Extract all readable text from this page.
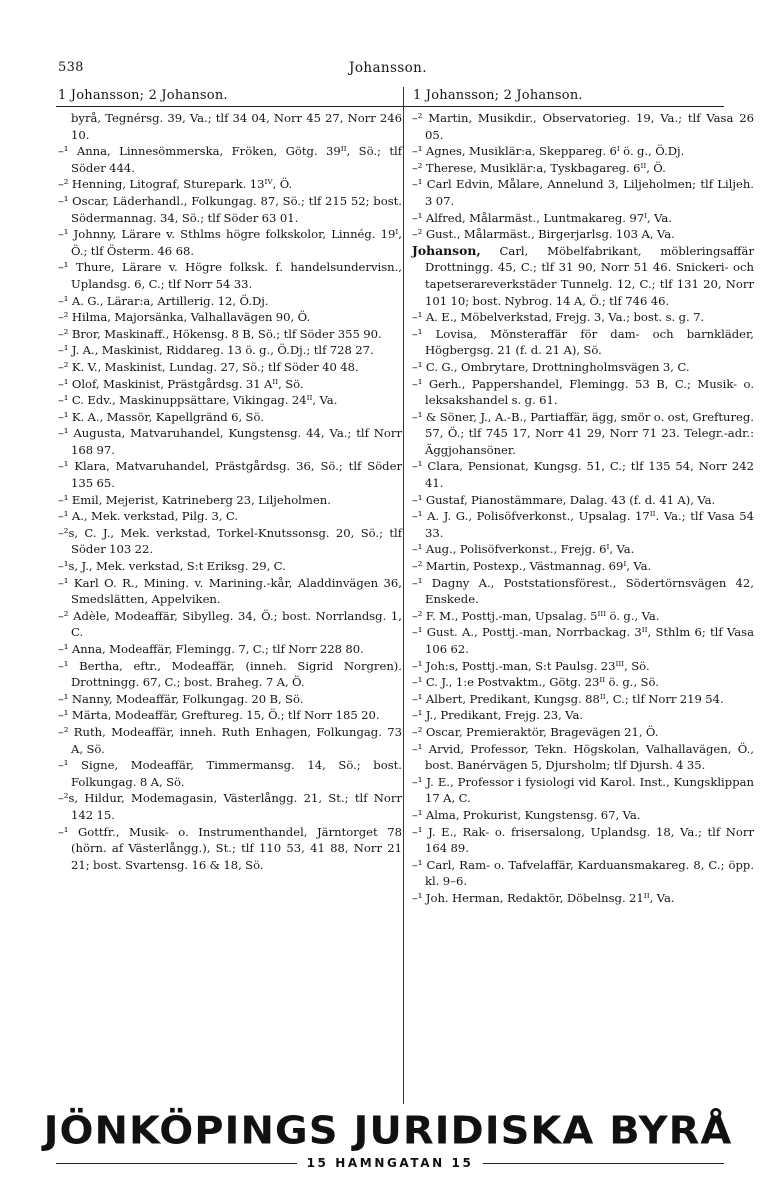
538	Johansson.
1 Johansson; 2 Johanson.	1 Johansson; 2 Johanson.

byrå, Tegnérsg. 39, Va.; tlf 34 04, Norr 45 27, Norr 246 10.

–¹ Anna, Linnesömmerska, Fröken, Götg. 39ᴵᴵ, Sö.; tlf Söder 444.

–² Henning, Litograf, Sturepark. 13ᴵⱽ, Ö.

–¹ Oscar, Läderhandl., Folkungag. 87, Sö.; tlf 215 52; bost. Södermannag. 34, Sö.; tlf Söder 63 01.

–¹ Johnny, Lärare v. Sthlms högre folkskolor, Linnég. 19ᴵ, Ö.; tlf Österm. 46 68.

–¹ Thure, Lärare v. Högre folksk. f. handelsundervisn., Uplandsg. 6, C.; tlf Norr 54 33.

–¹ A. G., Lärar:a, Artillerig. 12, Ö.Dj.

–² Hilma, Majorsänka, Valhallavägen 90, Ö.

–² Bror, Maskinaff., Hökensg. 8 B, Sö.; tlf Söder 355 90.

–¹ J. A., Maskinist, Riddareg. 13 ö. g., Ö.Dj.; tlf 728 27.

–² K. V., Maskinist, Lundag. 27, Sö.; tlf Söder 40 48.

–¹ Olof, Maskinist, Prästgårdsg. 31 Aᴵᴵ, Sö.

–¹ C. Edv., Maskinuppsättare, Vikingag. 24ᴵᴵ, Va.

–¹ K. A., Massör, Kapellgränd 6, Sö.

–¹ Augusta, Matvaruhandel, Kungstensg. 44, Va.; tlf Norr 168 97.

–¹ Klara, Matvaruhandel, Prästgårdsg. 36, Sö.; tlf Söder 135 65.

–¹ Emil, Mejerist, Katrineberg 23, Liljeholmen.

–¹ A., Mek. verkstad, Pilg. 3, C.

–²s, C. J., Mek. verkstad, Torkel-Knutssonsg. 20, Sö.; tlf Söder 103 22.

–¹s, J., Mek. verkstad, S:t Eriksg. 29, C.

–¹ Karl O. R., Mining. v. Marining.-kår, Aladdinvägen 36, Smedslätten, Appelviken.

–² Adèle, Modeaffär, Sibylleg. 34, Ö.; bost. Norrlandsg. 1, C.

–¹ Anna, Modeaffär, Flemingg. 7, C.; tlf Norr 228 80.

–¹ Bertha, eftr., Modeaffär, (inneh. Sigrid Norgren). Drottningg. 67, C.; bost. Braheg. 7 A, Ö.

–¹ Nanny, Modeaffär, Folkungag. 20 B, Sö.

–¹ Märta, Modeaffär, Greftureg. 15, Ö.; tlf Norr 185 20.

–² Ruth, Modeaffär, inneh. Ruth Enhagen, Folkungag. 73 A, Sö.

–¹ Signe, Modeaffär, Timmermansg. 14, Sö.; bost. Folkungag. 8 A, Sö.

–²s, Hildur, Modemagasin, Västerlångg. 21, St.; tlf Norr 142 15.

–¹ Gottfr., Musik- o. Instrumenthandel, Järntorget 78 (hörn. af Västerlångg.), St.; tlf 110 53, 41 88, Norr 21 21; bost. Svartensg. 16 & 18, Sö.

–² Martin, Musikdir., Observatorieg. 19, Va.; tlf Vasa 26 05.

–¹ Agnes, Musiklär:a, Skeppareg. 6ᴵ ö. g., Ö.Dj.

–² Therese, Musiklär:a, Tyskbagareg. 6ᴵᴵ, Ö.

–¹ Carl Edvin, Målare, Annelund 3, Liljeholmen; tlf Liljeh. 3 07.

–¹ Alfred, Målarmäst., Luntmakareg. 97ᴵ, Va.

–² Gust., Målarmäst., Birgerjarlsg. 103 A, Va.

Johanson, Carl, Möbelfabrikant, möbleringsaffär Drottningg. 45, C.; tlf 31 90, Norr 51 46. Snickeri- och tapetserareverkstäder Tunnelg. 12, C.; tlf 131 20, Norr 101 10; bost. Nybrog. 14 A, Ö.; tlf 746 46.

–¹ A. E., Möbelverkstad, Frejg. 3, Va.; bost. s. g. 7.

–¹ Lovisa, Mönsteraffär för dam- och barnkläder, Högbergsg. 21 (f. d. 21 A), Sö.

–¹ C. G., Ombrytare, Drottningholmsvägen 3, C.

–¹ Gerh., Pappershandel, Flemingg. 53 B, C.; Musik- o. leksakshandel s. g. 61.

–¹ & Söner, J., A.-B., Partiaffär, ägg, smör o. ost, Greftureg. 57, Ö.; tlf 745 17, Norr 41 29, Norr 71 23. Telegr.-adr.: Äggjohansöner.

–¹ Clara, Pensionat, Kungsg. 51, C.; tlf 135 54, Norr 242 41.

–¹ Gustaf, Pianostämmare, Dalag. 43 (f. d. 41 A), Va.

–¹ A. J. G., Polisöfverkonst., Upsalag. 17ᴵᴵ. Va.; tlf Vasa 54 33.

–¹ Aug., Polisöfverkonst., Frejg. 6ᴵ, Va.

–² Martin, Postexp., Västmannag. 69ᴵ, Va.

–¹ Dagny A., Poststationsförest., Södertörnsvägen 42, Enskede.

–² F. M., Posttj.-man, Upsalag. 5ᴵᴵᴵ ö. g., Va.

–¹ Gust. A., Posttj.-man, Norrbackag. 3ᴵᴵ, Sthlm 6; tlf Vasa 106 62.

–¹ Joh:s, Posttj.-man, S:t Paulsg. 23ᴵᴵᴵ, Sö.

–¹ C. J., 1:e Postvaktm., Götg. 23ᴵᴵ ö. g., Sö.

–¹ Albert, Predikant, Kungsg. 88ᴵᴵ, C.; tlf Norr 219 54.

–¹ J., Predikant, Frejg. 23, Va.

–² Oscar, Premieraktör, Bragevägen 21, Ö.

–¹ Arvid, Professor, Tekn. Högskolan, Valhallavägen, Ö., bost. Banérvägen 5, Djursholm; tlf Djursh. 4 35.

–¹ J. E., Professor i fysiologi vid Karol. Inst., Kungsklippan 17 A, C.

–¹ Alma, Prokurist, Kungstensg. 67, Va.

–¹ J. E., Rak- o. frisersalong, Uplandsg. 18, Va.; tlf Norr 164 89.

–¹ Carl, Ram- o. Tafvelaffär, Karduansmakareg. 8, C.; öpp. kl. 9–6.

–¹ Joh. Herman, Redaktör, Döbelnsg. 21ᴵᴵ, Va.

JÖNKÖPINGS JURIDISKA BYRÅ
15 HAMNGATAN 15
